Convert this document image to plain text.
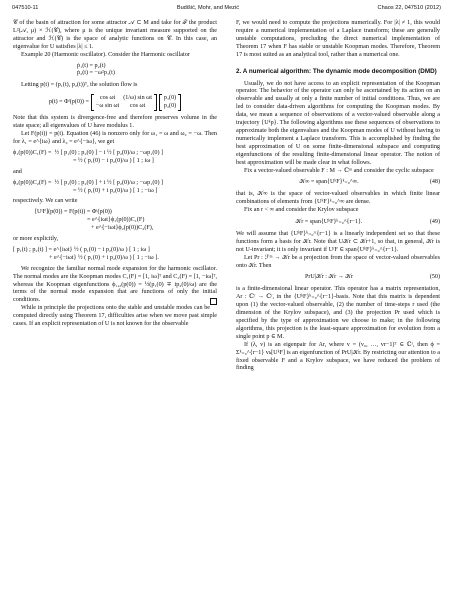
047510-11	Budišić, Mohr, and Mezić	Chaos 22, 047510 (2012)

𝒞 of the basin of attraction for some attractor 𝒜 ⊂ M and take for ℱ the product L²(𝒜, μ) × ℋ(𝒞), where μ is the unique invariant measure supported on the attractor and ℋ(𝒞) is the space of analytic functions on 𝒞. In this case, an eigenvalue for U satisfies |λ| ≤ 1.

Example 20 (Harmonic oscillator). Consider the Harmonic oscillator

ṗ₁(t) = p₂(t)
ṗ₂(t) = −ω²p₁(t)

Letting p(t) = (p₁(t), p₂(t))ᵀ, the solution flow is

p(t) = Φᵗ(p(0)) =
cos ωt
−ω sin ωt
(1/ω) sin ωt
cos ωt
p₁(0)
p₂(0)

Note that this system is divergence-free and therefore preserves volume in the state space; all eigenvalues of U have modulus 1.

Let F(p(t)) = p(t). Equation (46) is nonzero only for ω₁ = ω and ω₂ = −ω. Then for λ₁ = e^{iω} and λ₂ = e^{−iω}, we get

ϕ₁(p(0))C₁(F) = ½ [ p₁(0) ; p₂(0) ] − i ½ [ p₂(0)/ω ; −ωp₁(0) ]
= ½ ( p₁(0) − i p₂(0)/ω ) [ 1 ; iω ]

and

ϕ₂(p(0))C₂(F) = ½ [ p₁(0) ; p₂(0) ] + i ½ [ p₂(0)/ω ; −ωp₁(0) ]
= ½ ( p₁(0) + i p₂(0)/ω ) [ 1 ; −iω ]

respectively. We can write

[UᵗF](p(0)) = F(p(t)) = Φᵗ(p(0))
= e^{iωt}ϕ₁(p(0))C₁(F)
+ e^{−iωt}ϕ₂(p(0))C₂(F),

or more explicitly,

[ p₁(t) ; p₂(t) ] = e^{iωt} ½ ( p₁(0) − i p₂(0)/ω ) [ 1 ; iω ]
+ e^{−iωt} ½ ( p₁(0) + i p₂(0)/ω ) [ 1 ; −iω ].

We recognize the familiar normal mode expansion for the harmonic oscillator. The normal modes are the Koopman modes C₁(F) = [1, iω]ᵀ and C₂(F) = [1, −iω]ᵀ, whereas the Koopman eigenfunctions ϕ₁,₂(p(0)) = ½(p₁(0) ∓ ip₂(0)/ω) are the terms of the normal mode expansion that are functions of only the initial conditions.

While in principle the projections onto the stable and unstable modes can be computed directly using Theorem 17, difficulties arise when we move past simple cases. If an explicit representation of U is not known for the observable

F, we would need to compute the projections numerically. For |λ| ≠ 1, this would require a numerical implementation of a Laplace transform; these are generally unstable computations, precluding the direct numerical implementation of Theorem 17 when F has stable or unstable Koopman modes. Therefore, Theorem 17 is most suited as an analytical tool, rather than a numerical one.

2. A numerical algorithm: The dynamic mode decomposition (DMD)

Usually, we do not have access to an explicit representation of the Koopman operator. The behavior of the operator can only be ascertained by its action on an observable and usually at only a finite number of initial conditions. Thus, we are led to consider data-driven algorithms for computing the Koopman modes. By data, we mean a sequence of observations of a vector-valued observable along a trajectory {Uᵏp}. The following algorithms use these sequences of observations to approximate both the eigenvalues and the Koopman modes of U without having to numerically implement a Laplace transform. This is accomplished by finding the best approximation of U on some finite-dimensional subspace and computing eigenfunctions of the resulting finite-dimensional linear operator. The notion of best approximation will be made clear in what follows.

Fix a vector-valued observable F : M → ℂᵐ and consider the cyclic subspace

𝒦∞ = span{UᵏF}ᵏ₌₀^∞.	(48)

that is, 𝒦∞ is the space of vector-valued observables in which finite linear combinations of elements from {UᵏF}ᵏ₌₀^∞ are dense.

Fix an r < ∞ and consider the Krylov subspace

𝒦r = span{UᵏF}ᵏ₌₀^{r−1}.	(49)

We will assume that {UᵏF}ᵏ₌₀^{r−1} is a linearly independent set so that these functions form a basis for 𝒦r. Note that U𝒦r ⊂ 𝒦r+1, so that, in general, 𝒦r is not U-invariant; it is only invariant if UʳF ∈ span{UᵏF}ᵏ₌₀^{r−1}.

Let Pr : ℱᵐ → 𝒦r be a projection from the space of vector-valued observables onto 𝒦r. Then

PrU|𝒦r : 𝒦r → 𝒦r	(50)

is a finite-dimensional linear operator. This operator has a matrix representation, Ar : ℂʳ → ℂʳ, in the {UᵏF}ᵏ₌₀^{r−1}-basis. Note that this matrix is dependent upon (1) the vector-valued observable, (2) the number of time-steps r used (the dimension of the Krylov subspace), and (3) the projection Pr used which is specified by the type of approximation we choose to make; in the following algorithms, this projection is the least-square approximation for evolution from a single point p ∈ M.

If (λ, v) is an eigenpair for Ar, where v = (v₀, …, vr−1)ᵀ ∈ ℂʳ, then ϕ = Σᵏ₌₀^{r−1} vₖ[UᵏF] is an eigenfunction of PrU|𝒦r. By restricting our attention to a fixed observable F and a Krylov subspace, we have reduced the problem of finding
